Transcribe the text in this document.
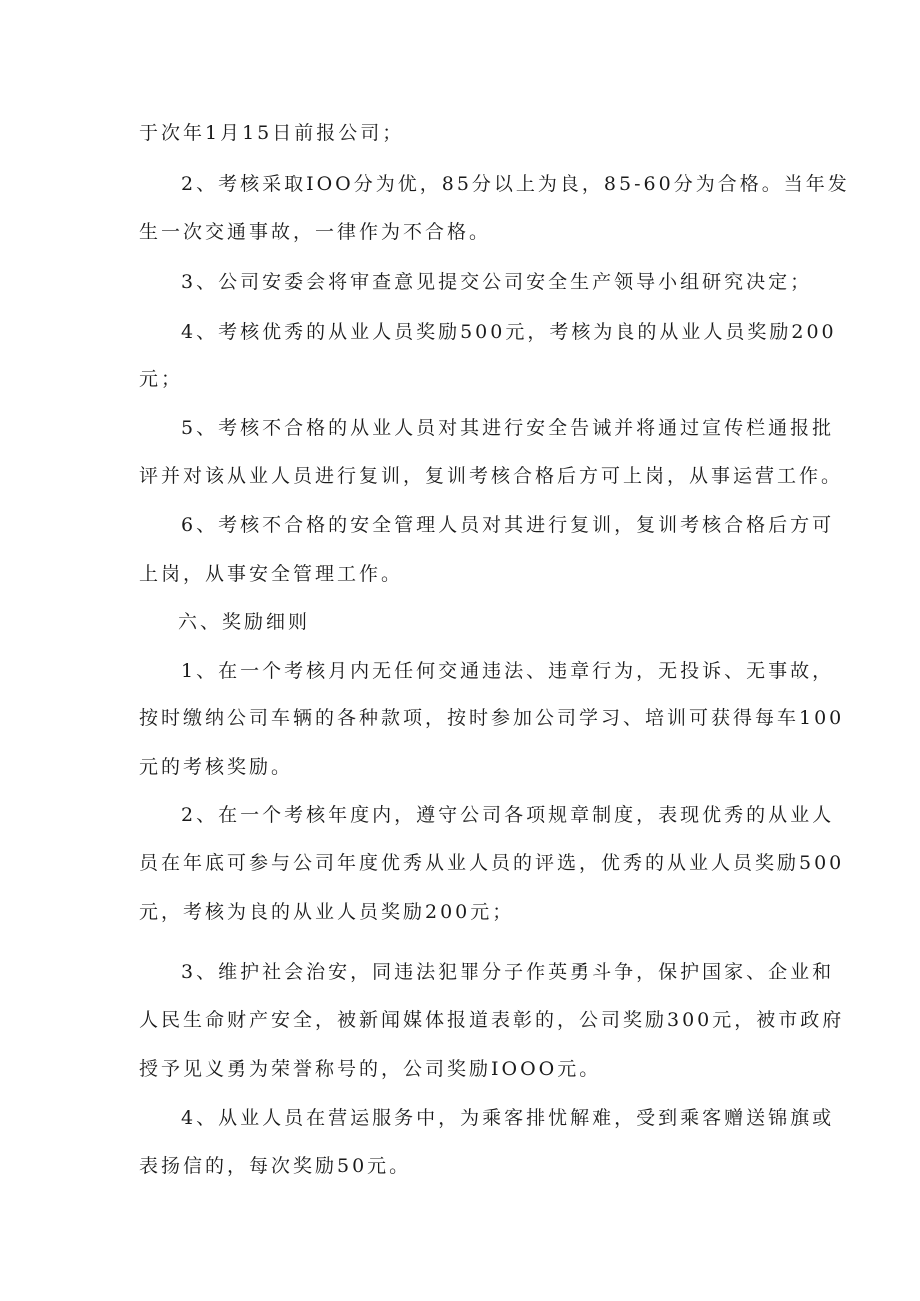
于次年1月15日前报公司；
2、考核采取IOO分为优，85分以上为良，85-60分为合格。当年发
生一次交通事故，一律作为不合格。
3、公司安委会将审查意见提交公司安全生产领导小组研究决定；
4、考核优秀的从业人员奖励500元，考核为良的从业人员奖励200
元；
5、考核不合格的从业人员对其进行安全告诫并将通过宣传栏通报批
评并对该从业人员进行复训，复训考核合格后方可上岗，从事运营工作。
6、考核不合格的安全管理人员对其进行复训，复训考核合格后方可
上岗，从事安全管理工作。
六、奖励细则
1、在一个考核月内无任何交通违法、违章行为，无投诉、无事故，
按时缴纳公司车辆的各种款项，按时参加公司学习、培训可获得每车100
元的考核奖励。
2、在一个考核年度内，遵守公司各项规章制度，表现优秀的从业人
员在年底可参与公司年度优秀从业人员的评选，优秀的从业人员奖励500
元，考核为良的从业人员奖励200元；
3、维护社会治安，同违法犯罪分子作英勇斗争，保护国家、企业和
人民生命财产安全，被新闻媒体报道表彰的，公司奖励300元，被市政府
授予见义勇为荣誉称号的，公司奖励IOOO元。
4、从业人员在营运服务中，为乘客排忧解难，受到乘客赠送锦旗或
表扬信的，每次奖励50元。
